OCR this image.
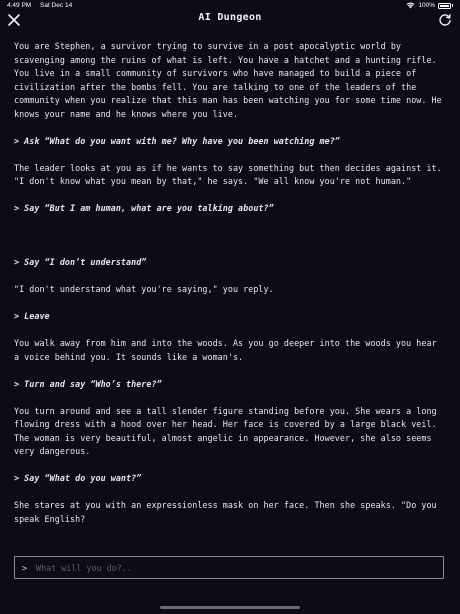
4:49 PM Sat Dec 14	100%
AI Dungeon

You are Stephen, a survivor trying to survive in a post apocalyptic world by scavenging among the ruins of what is left. You have a hatchet and a hunting rifle. You live in a small community of survivors who have managed to build a piece of civilization after the bombs fell. You are talking to one of the leaders of the community when you realize that this man has been watching you for some time now. He knows your name and he knows where you live.

> Ask “What do you want with me? Why have you been watching me?”

The leader looks at you as if he wants to say something but then decides against it. "I don't know what you mean by that," he says. "We all know you're not human."

> Say “But I am human, what are you talking about?”

> Say “I don’t understand”

"I don't understand what you're saying," you reply.

> Leave

You walk away from him and into the woods. As you go deeper into the woods you hear a voice behind you. It sounds like a woman's.

> Turn and say “Who’s there?”

You turn around and see a tall slender figure standing before you. She wears a long flowing dress with a hood over her head. Her face is covered by a large black veil. The woman is very beautiful, almost angelic in appearance. However, she also seems very dangerous.

> Say “What do you want?”

She stares at you with an expressionless mask on her face. Then she speaks. "Do you speak English?

>
What will you do?..
